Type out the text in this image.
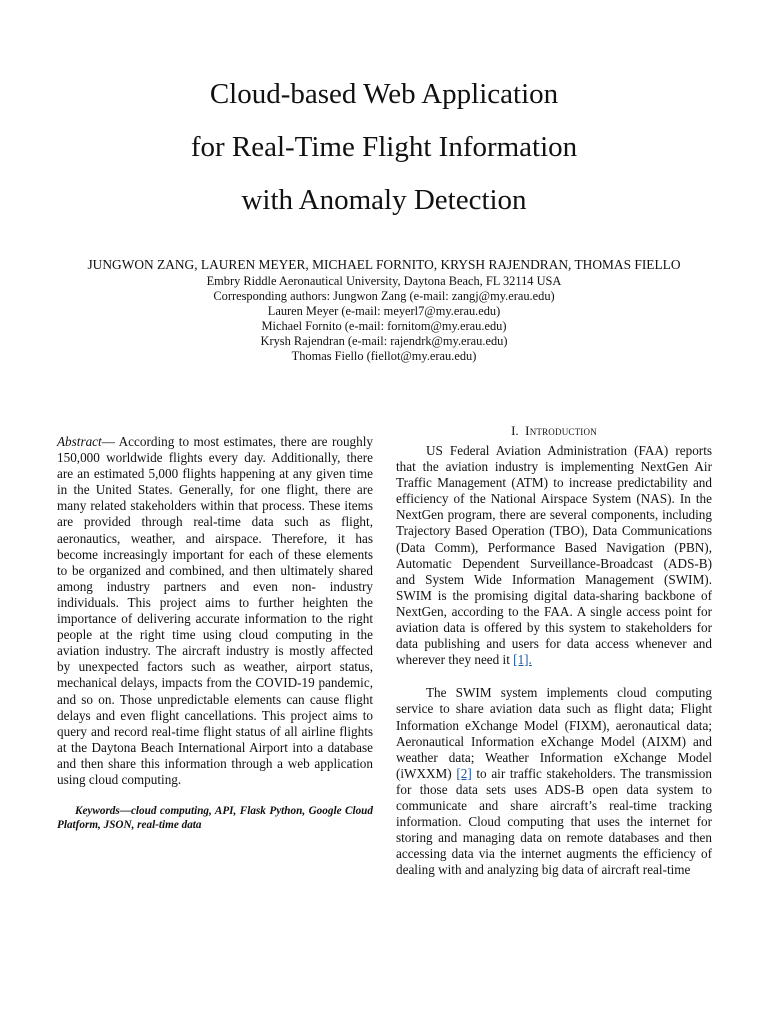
Cloud-based Web Application
for Real-Time Flight Information
with Anomaly Detection
JUNGWON ZANG, LAUREN MEYER, MICHAEL FORNITO, KRYSH RAJENDRAN, THOMAS FIELLO
Embry Riddle Aeronautical University, Daytona Beach, FL 32114 USA
Corresponding authors: Jungwon Zang (e-mail: zangj@my.erau.edu)
Lauren Meyer (e-mail: meyerl7@my.erau.edu)
Michael Fornito (e-mail: fornitom@my.erau.edu)
Krysh Rajendran (e-mail: rajendrk@my.erau.edu)
Thomas Fiello (fiellot@my.erau.edu)
Abstract— According to most estimates, there are roughly 150,000 worldwide flights every day. Additionally, there are an estimated 5,000 flights happening at any given time in the United States. Generally, for one flight, there are many related stakeholders within that process. These items are provided through real-time data such as flight, aeronautics, weather, and airspace. Therefore, it has become increasingly important for each of these elements to be organized and combined, and then ultimately shared among industry partners and even non- industry individuals. This project aims to further heighten the importance of delivering accurate information to the right people at the right time using cloud computing in the aviation industry. The aircraft industry is mostly affected by unexpected factors such as weather, airport status, mechanical delays, impacts from the COVID-19 pandemic, and so on. Those unpredictable elements can cause flight delays and even flight cancellations. This project aims to query and record real-time flight status of all airline flights at the Daytona Beach International Airport into a database and then share this information through a web application using cloud computing.
Keywords—cloud computing, API, Flask Python, Google Cloud Platform, JSON, real-time data
I. Introduction

US Federal Aviation Administration (FAA) reports that the aviation industry is implementing NextGen Air Traffic Management (ATM) to increase predictability and efficiency of the National Airspace System (NAS). In the NextGen program, there are several components, including Trajectory Based Operation (TBO), Data Communications (Data Comm), Performance Based Navigation (PBN), Automatic Dependent Surveillance-Broadcast (ADS-B) and System Wide Information Management (SWIM). SWIM is the promising digital data-sharing backbone of NextGen, according to the FAA. A single access point for aviation data is offered by this system to stakeholders for data publishing and users for data access whenever and wherever they need it [1].

The SWIM system implements cloud computing service to share aviation data such as flight data; Flight Information eXchange Model (FIXM), aeronautical data; Aeronautical Information eXchange Model (AIXM) and weather data; Weather Information eXchange Model (iWXXM) [2] to air traffic stakeholders. The transmission for those data sets uses ADS-B open data system to communicate and share aircraft’s real-time tracking information. Cloud computing that uses the internet for storing and managing data on remote databases and then accessing data via the internet augments the efficiency of dealing with and analyzing big data of aircraft real-time
